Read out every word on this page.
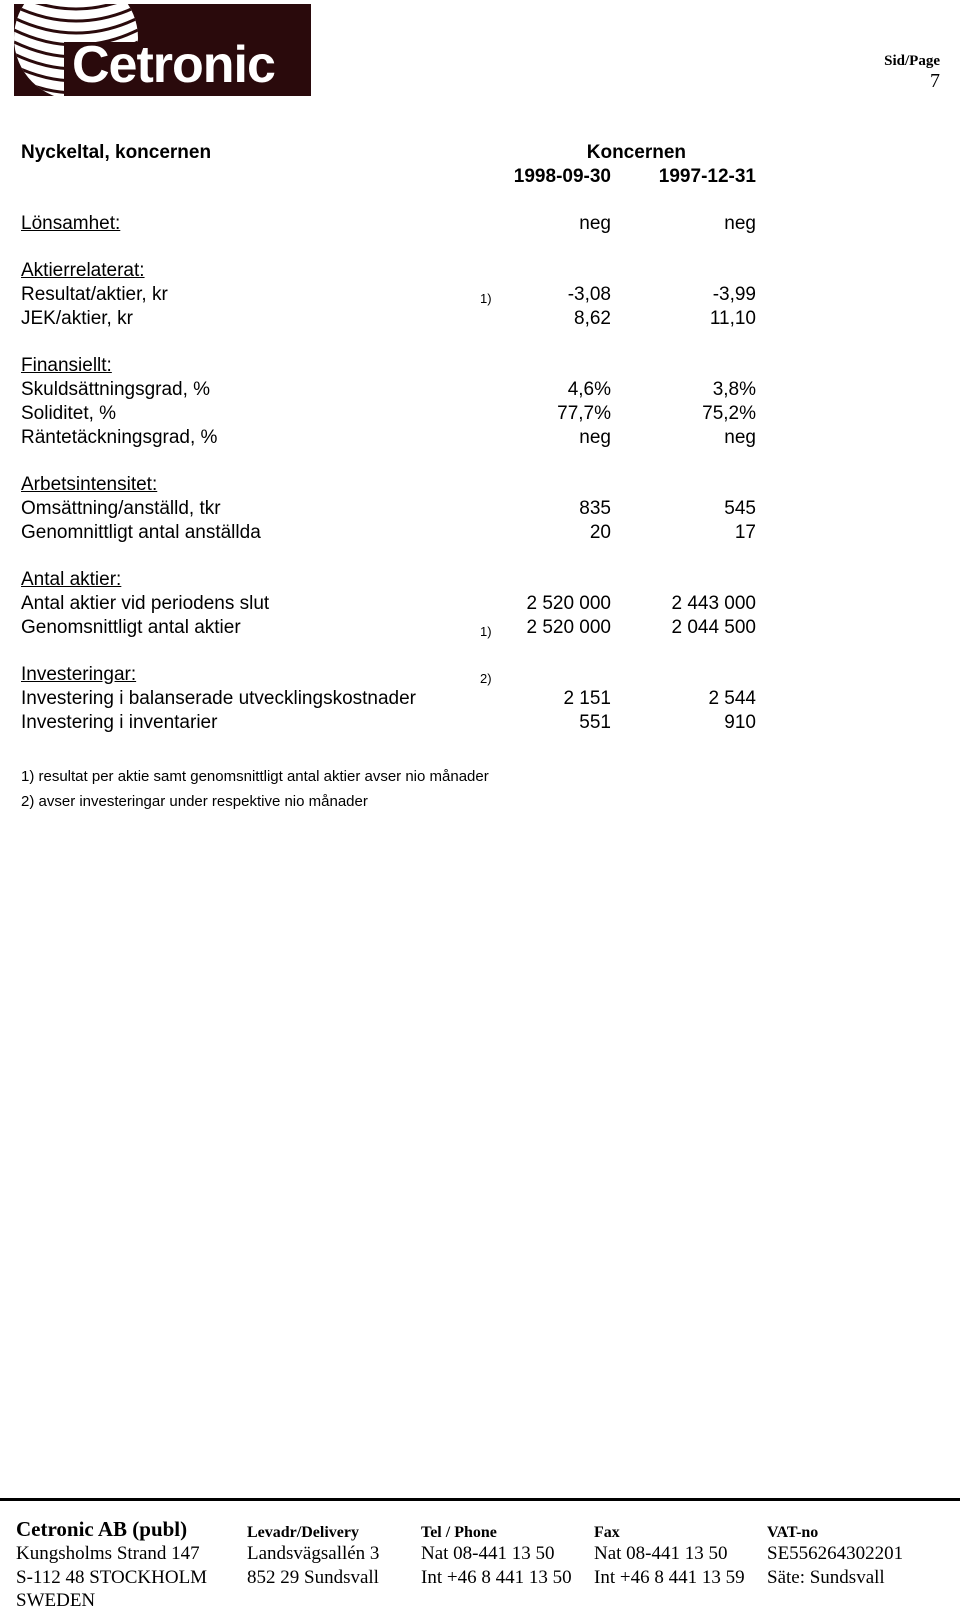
Cetronic	Sid/Page
7
Nyckeltal, koncernen	Koncernen
1998-09-30	1997-12-31
Lönsamhet:	neg	neg
Aktierrelaterat:
Resultat/aktier, kr	1)	-3,08	-3,99
JEK/aktier, kr	8,62	11,10
Finansiellt:
Skuldsättningsgrad, %	4,6%	3,8%
Soliditet, %	77,7%	75,2%
Räntetäckningsgrad, %	neg	neg
Arbetsintensitet:
Omsättning/anställd, tkr	835	545
Genomnittligt antal anställda	20	17
Antal aktier:
Antal aktier vid periodens slut	2 520 000	2 443 000
Genomsnittligt antal aktier	1)	2 520 000	2 044 500
Investeringar:	2)
Investering i balanserade utvecklingskostnader	2 151	2 544
Investering i inventarier	551	910
1) resultat per aktie samt genomsnittligt antal aktier avser nio månader
2) avser investeringar under respektive nio månader
Cetronic AB (publ)
Kungsholms Strand 147
S-112 48 STOCKHOLM
SWEDEN
Levadr/Delivery
Landsvägsallén 3
852 29 Sundsvall
Tel / Phone
Nat 08-441 13 50
Int +46 8 441 13 50
Fax
Nat 08-441 13 50
Int +46 8 441 13 59
VAT-no
SE556264302201
Säte: Sundsvall
